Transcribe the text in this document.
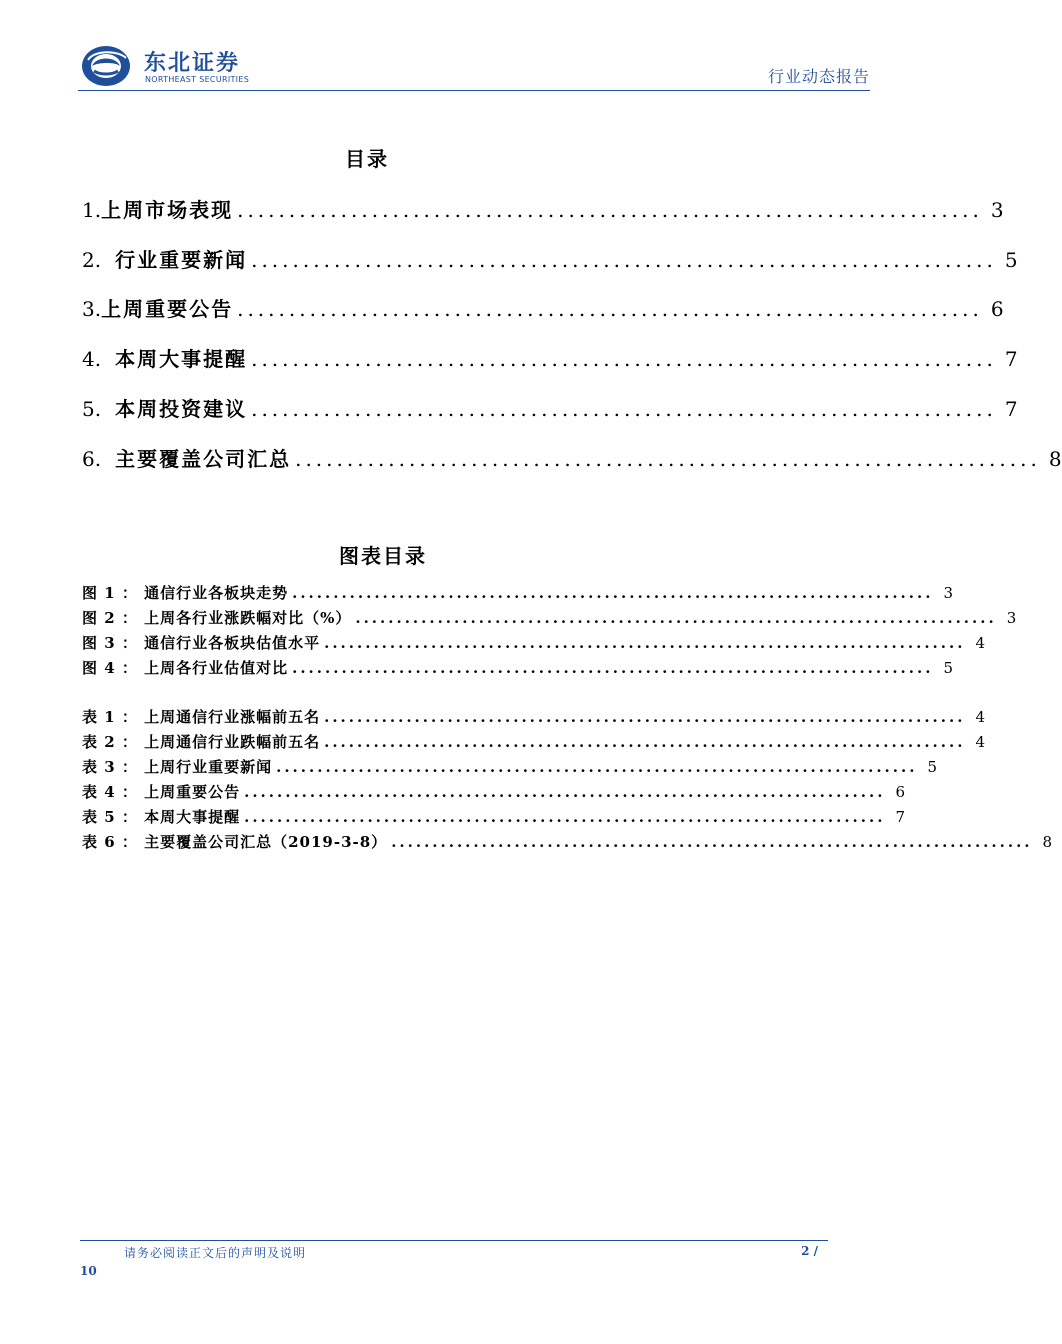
东北证券
NORTHEAST SECURITIES	行业动态报告
目录
1. 上周市场表现 ........................................................................ 3
2. 行业重要新闻 ........................................................................ 5
3. 上周重要公告 ........................................................................ 6
4. 本周大事提醒 ........................................................................ 7
5. 本周投资建议 ........................................................................ 7
6. 主要覆盖公司汇总 ........................................................................ 8
图表目录
图 1 ： 通信行业各板块走势 .............................................................................. 3
图 2 ： 上周各行业涨跌幅对比（%） .............................................................................. 3
图 3 ： 通信行业各板块估值水平 .............................................................................. 4
图 4 ： 上周各行业估值对比 .............................................................................. 5
表 1 ： 上周通信行业涨幅前五名 .............................................................................. 4
表 2 ： 上周通信行业跌幅前五名 .............................................................................. 4
表 3 ： 上周行业重要新闻 .............................................................................. 5
表 4 ： 上周重要公告 .............................................................................. 6
表 5 ： 本周大事提醒 .............................................................................. 7
表 6 ： 主要覆盖公司汇总（2019-3-8） .............................................................................. 8
请务必阅读正文后的声明及说明	2 /
10
